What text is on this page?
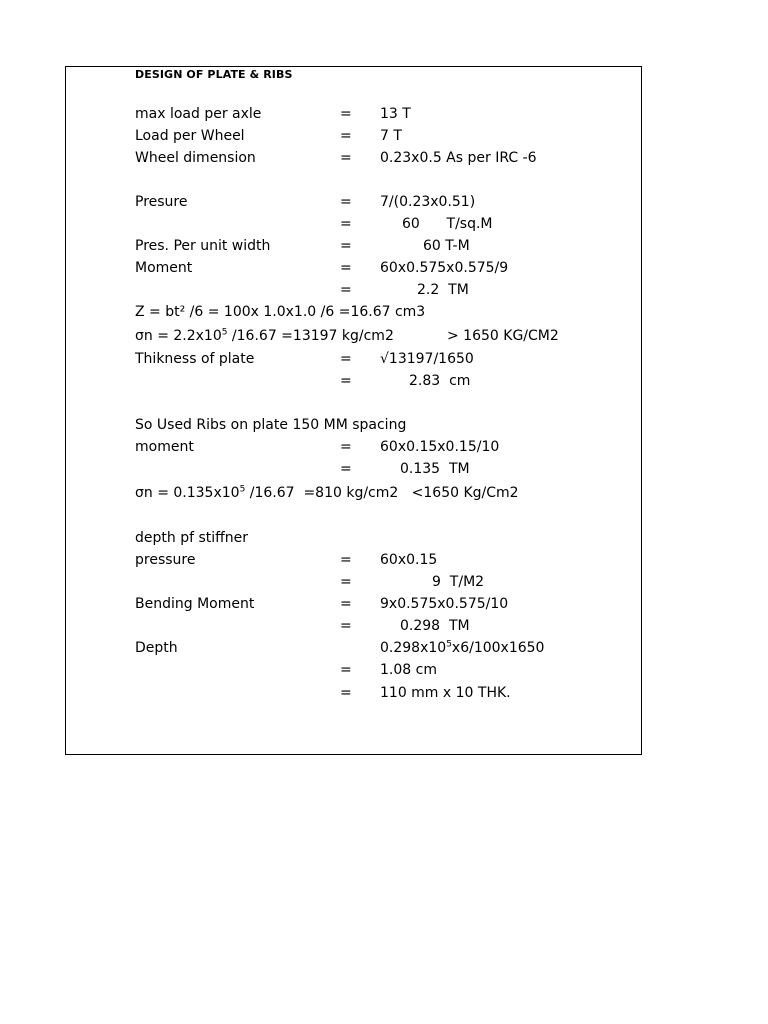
DESIGN OF PLATE & RIBS
max load per axle	= 13 T
Load per Wheel	= 7 T
Wheel dimension	= 0.23x0.5 As per IRC -6
Presure	= 7/(0.23x0.51)
=	60      T/sq.M
Pres. Per unit width	=	60 T-M
Moment	= 60x0.575x0.575/9
=	2.2  TM
Z = bt² /6 = 100x 1.0x1.0 /6 =16.67 cm3
$\sigma n = 2.2x10^5$ /16.67 =13197 kg/cm2	> 1650 KG/CM2
Thikness of plate	= √13197/1650
=	2.83  cm
So Used Ribs on plate 150 MM spacing
moment	= 60x0.15x0.15/10
=	0.135  TM
$\sigma n = 0.135x10^5$ /16.67  =810 kg/cm2   <1650 Kg/Cm2
depth pf stiffner
pressure	= 60x0.15
=	9  T/M2
Bending Moment	= 9x0.575x0.575/10
=	0.298  TM
Depth	$0.298x10^5x6/100x1650$
= 1.08 cm
= 110 mm x 10 THK.
